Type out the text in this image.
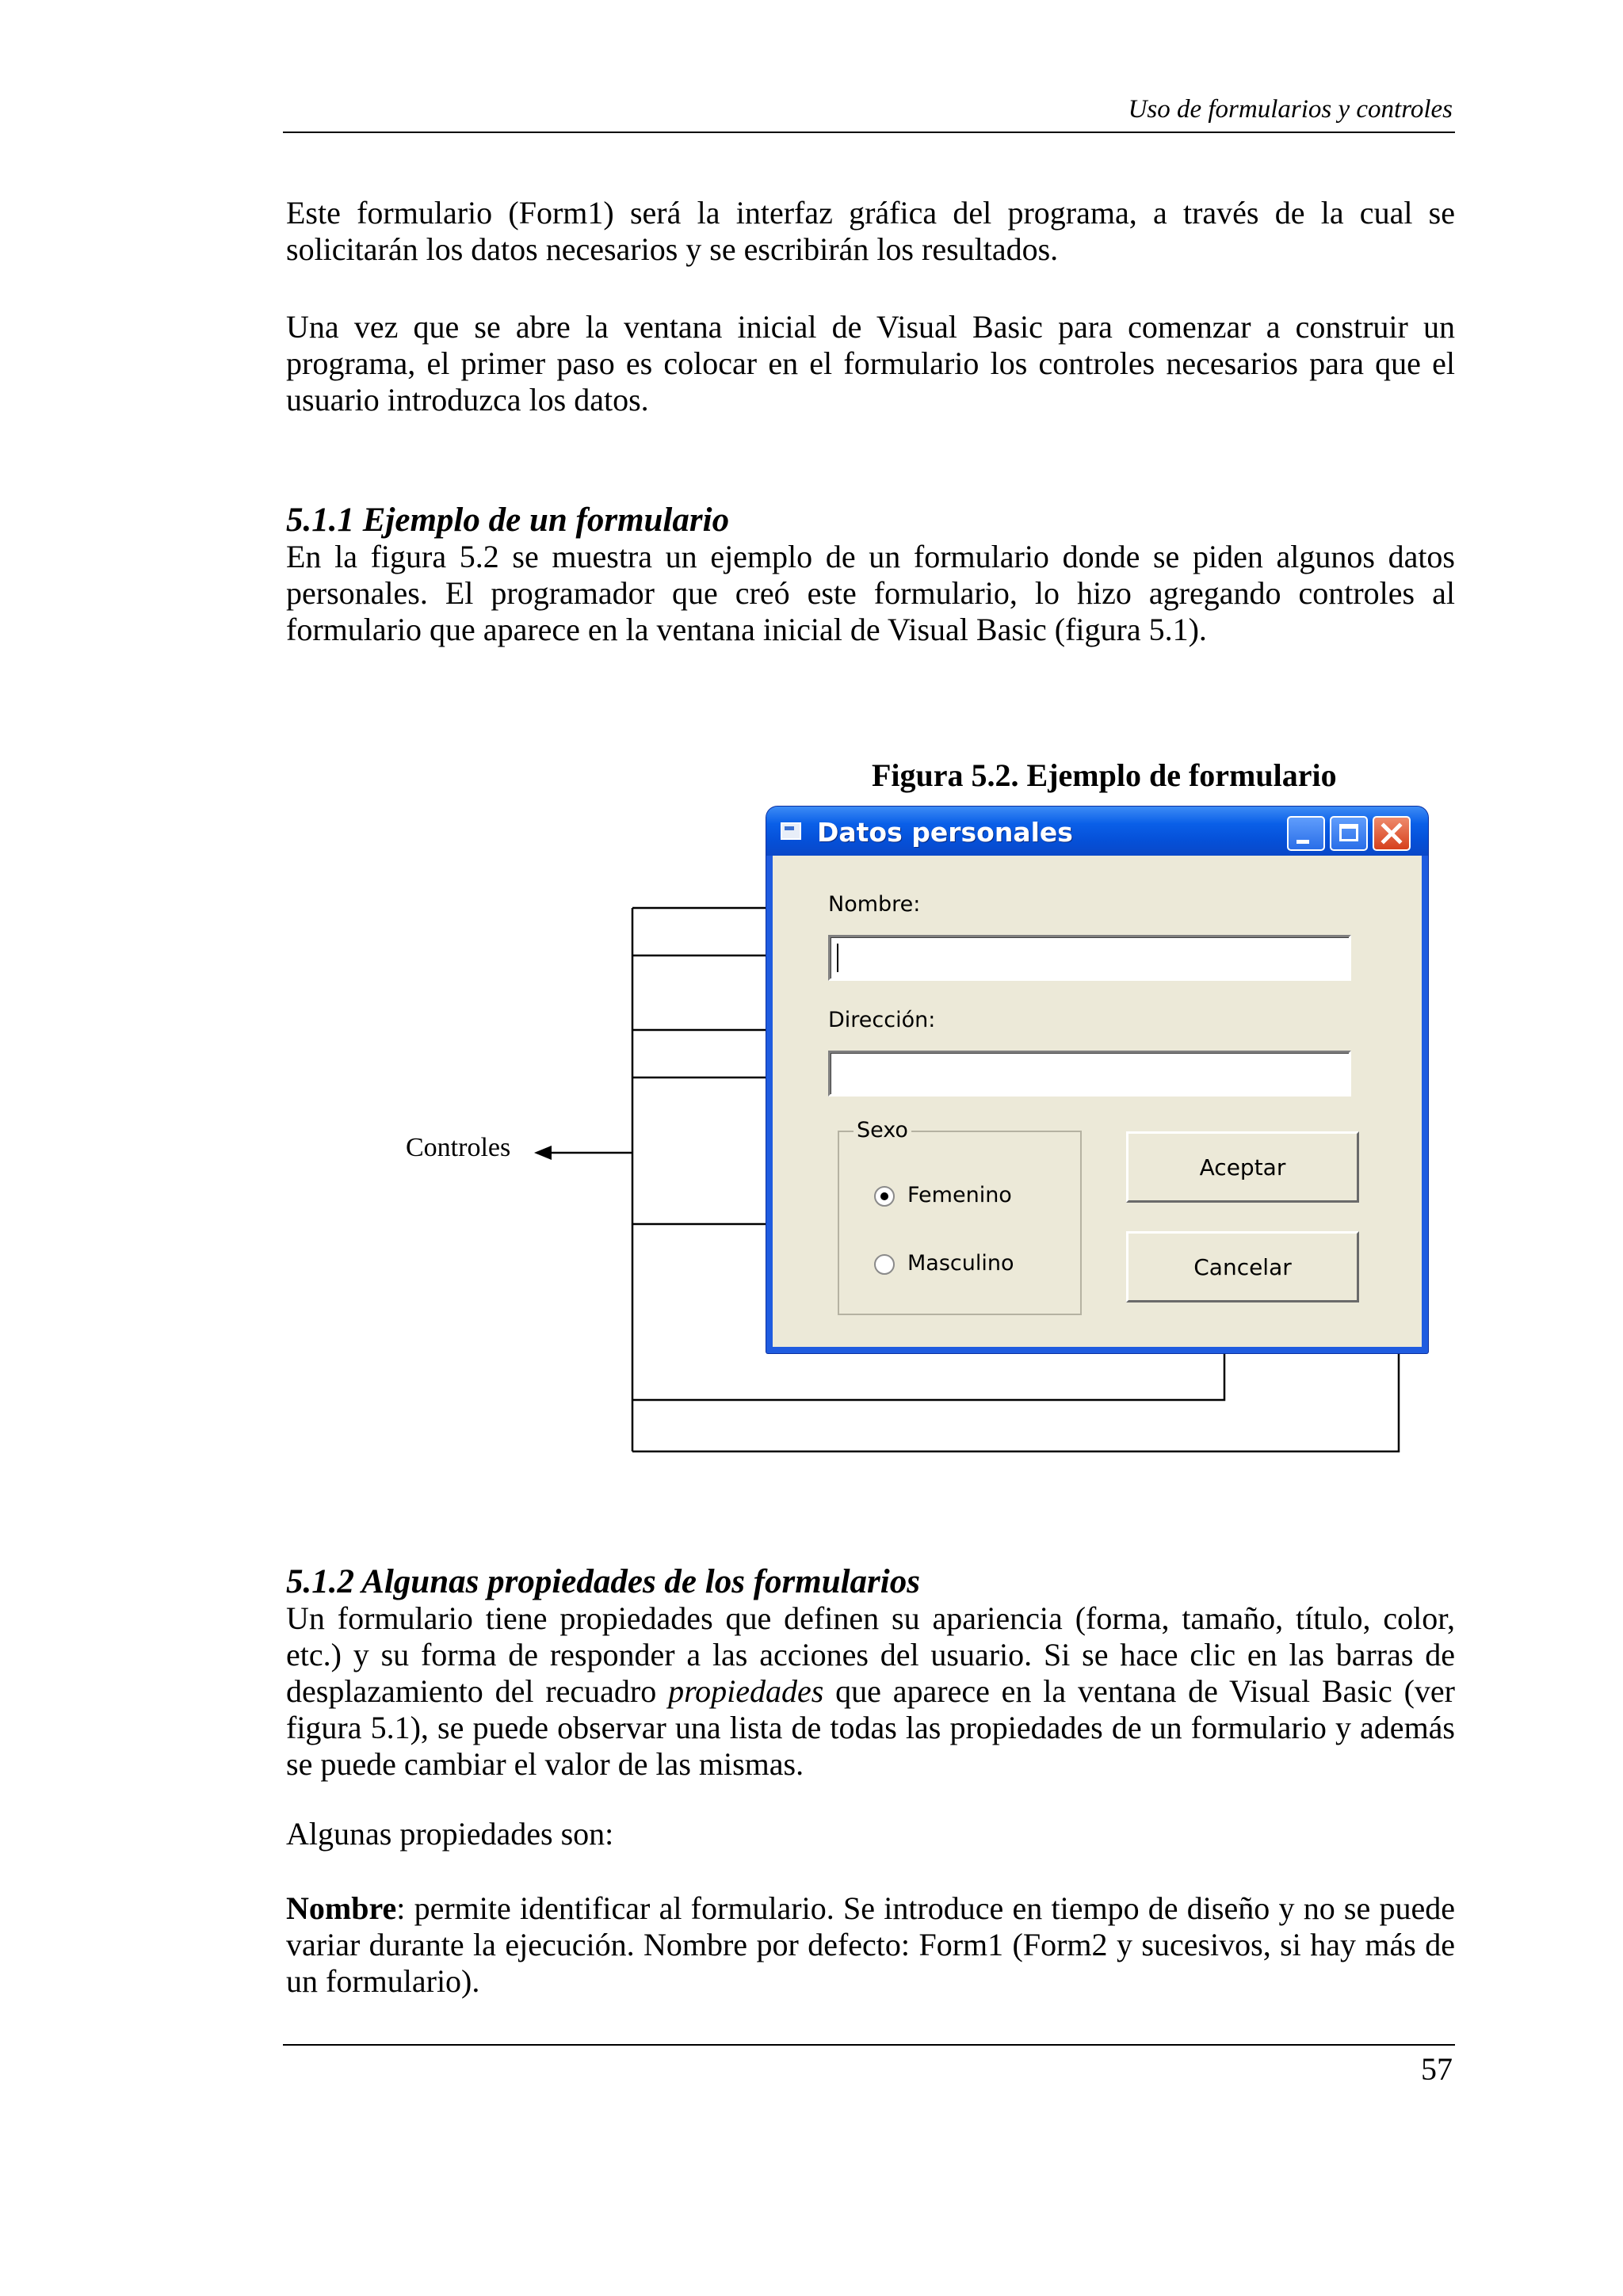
Uso de formularios y controles
Este formulario (Form1) será la interfaz gráfica del programa, a través de la cual se solicitarán los datos necesarios y se escribirán los resultados.
Una vez que se abre la ventana inicial de Visual Basic para comenzar a construir un programa, el primer paso es colocar en el formulario los controles necesarios para que el usuario introduzca los datos.
5.1.1 Ejemplo de un formulario
En la figura 5.2 se muestra un ejemplo de un formulario donde se piden algunos datos personales. El programador que creó este formulario, lo hizo agregando controles al formulario que aparece en la ventana inicial de Visual Basic (figura 5.1).
Figura 5.2. Ejemplo de formulario
Controles
Datos personales
Nombre:
Dirección:
Sexo
Femenino
Masculino
Aceptar
Cancelar
5.1.2 Algunas propiedades de los formularios
Un formulario tiene propiedades que definen su apariencia (forma, tamaño, título, color, etc.) y su forma de responder a las acciones del usuario. Si se hace clic en las barras de desplazamiento del recuadro propiedades que aparece en la ventana de Visual Basic (ver figura 5.1), se puede observar una lista de todas las propiedades de un formulario y además se puede cambiar el valor de las mismas.
Algunas propiedades son:
Nombre: permite identificar al formulario. Se introduce en tiempo de diseño y no se puede variar durante la ejecución. Nombre por defecto: Form1 (Form2 y sucesivos, si hay más de un formulario).
57
